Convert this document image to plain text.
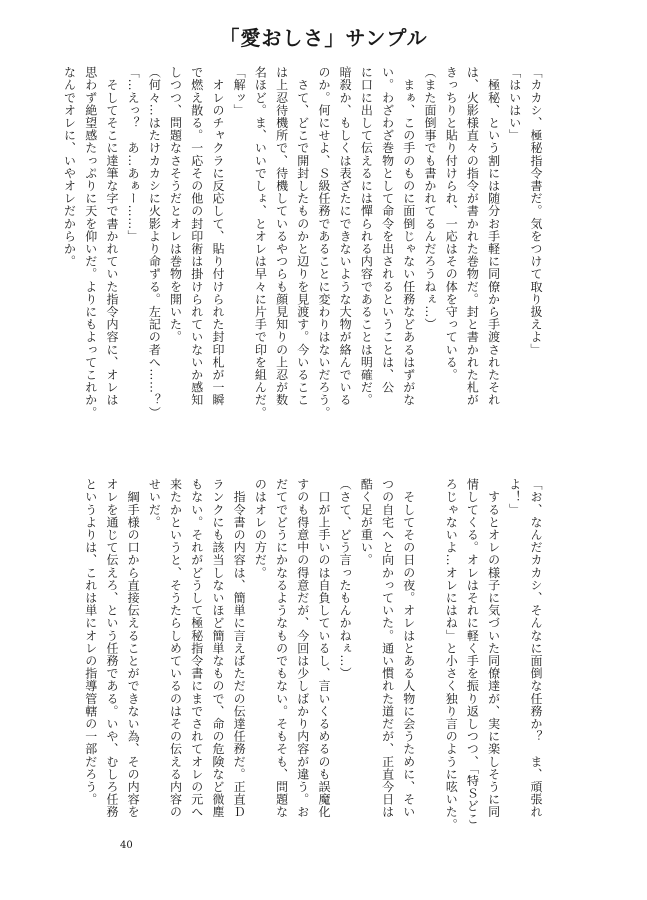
「愛おしさ」サンプル
「カカシ、極秘指令書だ。気をつけて取り扱えよ」
「はいはい」
　極秘、という割には随分お手軽に同僚から手渡されたそれ
は、火影様直々の指令が書かれた巻物だ。封と書かれた札が
きっちりと貼り付けられ、一応はその体を守っている。
（また面倒事でも書かれてるんだろうねぇ…）
　まぁ、この手のものに面倒じゃない任務などあるはずがな
い。わざわざ巻物として命令を出されるということは、公
に口に出して伝えるには憚られる内容であることは明確だ。
暗殺か、もしくは表ざたにできないような大物が絡んでいる
のか。何にせよ、Ｓ級任務であることに変わりはないだろう。
　さて、どこで開封したものかと辺りを見渡す。今いるここ
は上忍待機所で、待機しているやつらも顔見知りの上忍が数
名ほど。ま、いいでしょ、とオレは早々に片手で印を組んだ。
「解ッ」
　オレのチャクラに反応して、貼り付けられた封印札が一瞬
で燃え散る。一応その他の封印術は掛けられていないか感知
しつつ、問題なさそうだとオレは巻物を開いた。
（何々…はたけカカシに火影より命ずる。左記の者へ……？）
「…えっ？　あ…あぁー……」
　そしてそこに達筆な字で書かれていた指令内容に、オレは
思わず絶望感たっぷりに天を仰いだ。よりにもよってこれか。
なんでオレに、いやオレだからか。
「お、なんだカカシ、そんなに面倒な任務か？　ま、頑張れ
よ！」
　するとオレの様子に気づいた同僚達が、実に楽しそうに同
情してくる。オレはそれに軽く手を振り返しつつ、「特Ｓどこ
ろじゃないよ…オレにはね」と小さく独り言のように呟いた。

　そしてその日の夜。オレはとある人物に会うために、そい
つの自宅へと向かっていた。通い慣れた道だが、正直今日は
酷く足が重い。
（さて、どう言ったもんかねぇ…）
　口が上手いのは自負しているし、言いくるめるのも誤魔化
すのも得意中の得意だが、今回は少しばかり内容が違う。お
だてでどうにかなるようなものでもない。そもそも、問題な
のはオレの方だ。
　指令書の内容は、簡単に言えばただの伝達任務だ。正直Ｄ
ランクにも該当しないほど簡単なもので、命の危険など微塵
もない。それがどうして極秘指令書にまでされてオレの元へ
来たかというと、そうたらしめているのはその伝える内容の
せいだ。
　綱手様の口から直接伝えることができない為、その内容を
オレを通じて伝えろ、という任務である。いや、むしろ任務
というよりは、これは単にオレの指導管轄の一部だろう。
40
